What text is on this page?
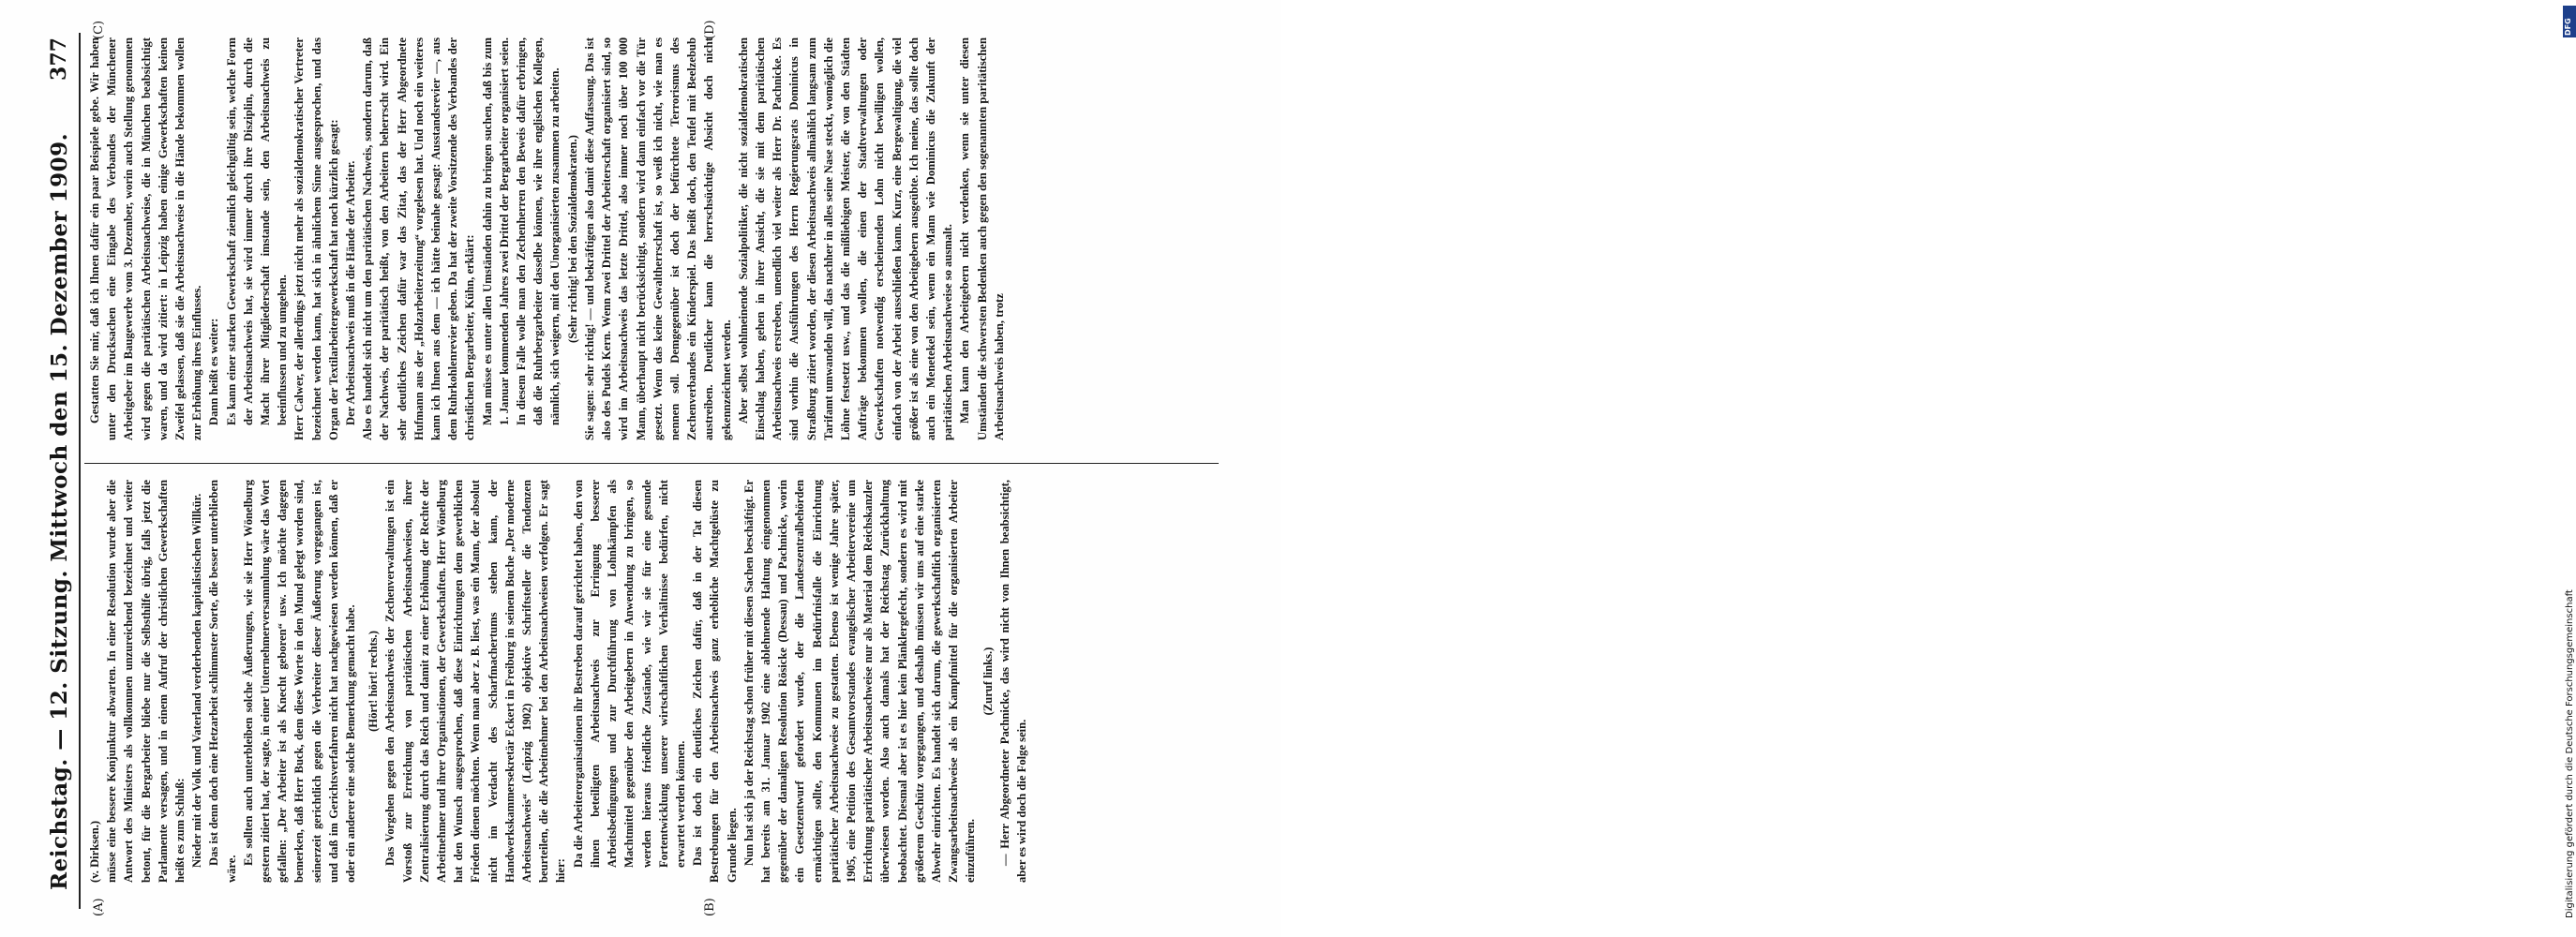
Reichstag. — 12. Sitzung. Mittwoch den 15. Dezember 1909.
377
(A)	(B)
(C)	(D)

(v. Dirksen.) müsse eine bessere Konjunktur abwarten. In einer Resolution wurde aber die Antwort des Ministers als vollkommen unzureichend bezeichnet und weiter betont, für die Bergarbeiter bliebe nur die Selbsthilfe übrig, falls jetzt die Parlamente versagen, und in einem Aufruf der christlichen Gewerkschaften heißt es zum Schluß: Nieder mit der Volk und Vaterland verderbenden kapitalistischen Willkür. Das ist denn doch eine Hetzarbeit schlimmster Sorte, die besser unterblieben wäre.

Es sollten auch unterbleiben solche Äußerungen, wie sie Herr Wönelburg gestern zitiert hat, der sagte, in einer Unternehmerversammlung wäre das Wort gefallen: „Der Arbeiter ist als Knecht geboren“ usw. Ich möchte dagegen bemerken, daß Herr Buck, dem diese Worte in den Mund gelegt worden sind, seinerzeit gerichtlich gegen die Verbreiter dieser Äußerung vorgegangen ist, und daß im Gerichtsverfahren nicht hat nachgewiesen werden können, daß er oder ein anderer eine solche Bemerkung gemacht habe. (Hört! hört! rechts.) Das Vorgehen gegen den Arbeitsnachweis der Zechenverwaltungen ist ein Vorstoß zur Erreichung von paritätischen Arbeitsnachweisen, ihrer Zentralisierung durch das Reich und damit zu einer Erhöhung der Rechte der Arbeitnehmer und ihrer Organisationen, der Gewerkschaften. Herr Wönelburg hat den Wunsch ausgesprochen, daß diese Einrichtungen dem gewerblichen Frieden dienen möchten. Wenn man aber z. B. liest, was ein Mann, der absolut nicht im Verdacht des Scharfmachertums stehen kann, der Handwerkskammersekretär Eckert in Freiburg in seinem Buche „Der moderne Arbeitsnachweis“ (Leipzig 1902) objektive Schriftsteller die Tendenzen beurteilen, die die Arbeitnehmer bei den Arbeitsnachweisen verfolgen. Er sagt hier:

Da die Arbeiterorganisationen ihr Bestreben darauf gerichtet haben, den von ihnen beteiligten Arbeitsnachweis zur Erringung besserer Arbeitsbedingungen und zur Durchführung von Lohnkämpfen als Machtmittel gegenüber den Arbeitgebern in Anwendung zu bringen, so werden hieraus friedliche Zustände, wie wir sie für eine gesunde Fortentwicklung unserer wirtschaftlichen Verhältnisse bedürfen, nicht erwartet werden können. Das ist doch ein deutliches Zeichen dafür, daß in der Tat diesen Bestrebungen für den Arbeitsnachweis ganz erhebliche Machtgelüste zu Grunde liegen. Nun hat sich ja der Reichstag schon früher mit diesen Sachen beschäftigt. Er hat bereits am 31. Januar 1902 eine ablehnende Haltung eingenommen gegenüber der damaligen Resolution Rösicke (Dessau) und Pachnicke, worin ein Gesetzentwurf gefordert wurde, der die Landeszentralbehörden ermächtigen sollte, den Kommunen im Bedürfnisfalle die Einrichtung paritätischer Arbeitsnachweise zu gestatten. Ebenso ist wenige Jahre später, 1905, eine Petition des Gesamtvorstandes evangelischer Arbeitervereine um Errichtung paritätischer Arbeitsnachweise nur als Material dem Reichskanzler überwiesen worden. Also auch damals hat der Reichstag Zurückhaltung beobachtet. Diesmal aber ist es hier kein Plänklergefecht, sondern es wird mit größerem Geschütz vorgegangen, und deshalb müssen wir uns auf eine starke Abwehr einrichten. Es handelt sich darum, die gewerkschaftlich organisierten Zwangsarbeitsnachweise als ein Kampfmittel für die organisierten Arbeiter einzuführen.

(Zuruf links.) — Herr Abgeordneter Pachnicke, das wird nicht von Ihnen beabsichtigt, aber es wird doch die Folge sein.

Gestatten Sie mir, daß ich Ihnen dafür ein paar Beispiele gebe. Wir haben unter den Drucksachen eine Eingabe des Verbandes der Münchener Arbeitgeber im Baugewerbe vom 3. Dezember, worin auch Stellung genommen wird gegen die paritätischen Arbeitsnachweise, die in München beabsichtigt waren, und da wird zitiert: in Leipzig haben einige Gewerkschaften keinen Zweifel gelassen, daß sie die Arbeitsnachweise in die Hände bekommen wollen zur Erhöhung ihres Einflusses. Dann heißt es weiter: Es kann einer starken Gewerkschaft ziemlich gleichgültig sein, welche Form der Arbeitsnachweis hat, sie wird immer durch ihre Disziplin, durch die Macht ihrer Mitgliederschaft imstande sein, den Arbeitsnachweis zu beeinflussen und zu umgehen. Herr Calwer, der allerdings jetzt nicht mehr als sozialdemokratischer Vertreter bezeichnet werden kann, hat sich in ähnlichem Sinne ausgesprochen, und das Organ der Textilarbeitergewerkschaft hat noch kürzlich gesagt: Der Arbeitsnachweis muß in die Hände der Arbeiter. Also es handelt sich nicht um den paritätischen Nachweis, sondern darum, daß der Nachweis, der paritätisch heißt, von den Arbeitern beherrscht wird. Ein sehr deutliches Zeichen dafür war das Zitat, das der Herr Abgeordnete Hufmann aus der „Holzarbeiterzeitung“ vorgelesen hat. Und noch ein weiteres kann ich Ihnen aus dem — ich hätte beinahe gesagt: Ausstandsrevier —, aus dem Ruhrkohlenrevier geben. Da hat der zweite Vorsitzende des Verbandes der christlichen Bergarbeiter, Kühn, erklärt: Man müsse es unter allen Umständen dahin zu bringen suchen, daß bis zum 1. Januar kommenden Jahres zwei Drittel der Bergarbeiter organisiert seien. In diesem Falle wolle man den Zechenherren den Beweis dafür erbringen, daß die Ruhrbergarbeiter dasselbe können, wie ihre englischen Kollegen, nämlich, sich weigern, mit den Unorganisierten zusammen zu arbeiten. (Sehr richtig! bei den Sozialdemokraten.) Sie sagen: sehr richtig! — und bekräftigen also damit diese Auffassung. Das ist also des Pudels Kern. Wenn zwei Drittel der Arbeiterschaft organisiert sind, so wird im Arbeitsnachweis das letzte Drittel, also immer noch über 100 000 Mann, überhaupt nicht berücksichtigt, sondern wird dann einfach vor die Tür gesetzt. Wenn das keine Gewaltherrschaft ist, so weiß ich nicht, wie man es nennen soll. Demgegenüber ist doch der befürchtete Terrorismus des Zechenverbandes ein Kinderspiel. Das heißt doch, den Teufel mit Beelzebub austreiben. Deutlicher kann die herrschsüchtige Absicht doch nicht gekennzeichnet werden. Aber selbst wohlmeinende Sozialpolitiker, die nicht sozialdemokratischen Einschlag haben, gehen in ihrer Ansicht, die sie mit dem paritätischen Arbeitsnachweis erstreben, unendlich viel weiter als Herr Dr. Pachnicke. Es sind vorhin die Ausführungen des Herrn Regierungsrats Dominicus in Straßburg zitiert worden, der diesen Arbeitsnachweis allmählich langsam zum Tarifamt umwandeln will, das nachher in alles seine Nase steckt, womöglich die Löhne festsetzt usw., und das die mißliebigen Meister, die von den Städten Aufträge bekommen wollen, die einen der Stadtverwaltungen oder Gewerkschaften notwendig erscheinenden Lohn nicht bewilligen wollen, einfach von der Arbeit ausschließen kann. Kurz, eine Bergewaltigung, die viel größer ist als eine von den Arbeitgebern ausgeübte. Ich meine, das sollte doch auch ein Menetekel sein, wenn ein Mann wie Dominicus die Zukunft der paritätischen Arbeitsnachweise so ausmalt. Man kann den Arbeitgebern nicht verdenken, wenn sie unter diesen Umständen die schwersten Bedenken auch gegen den sogenannten paritätischen Arbeitsnachweis haben, trotz

DFG
Digitalisierung gefördert durch die Deutsche Forschungsgemeinschaft
